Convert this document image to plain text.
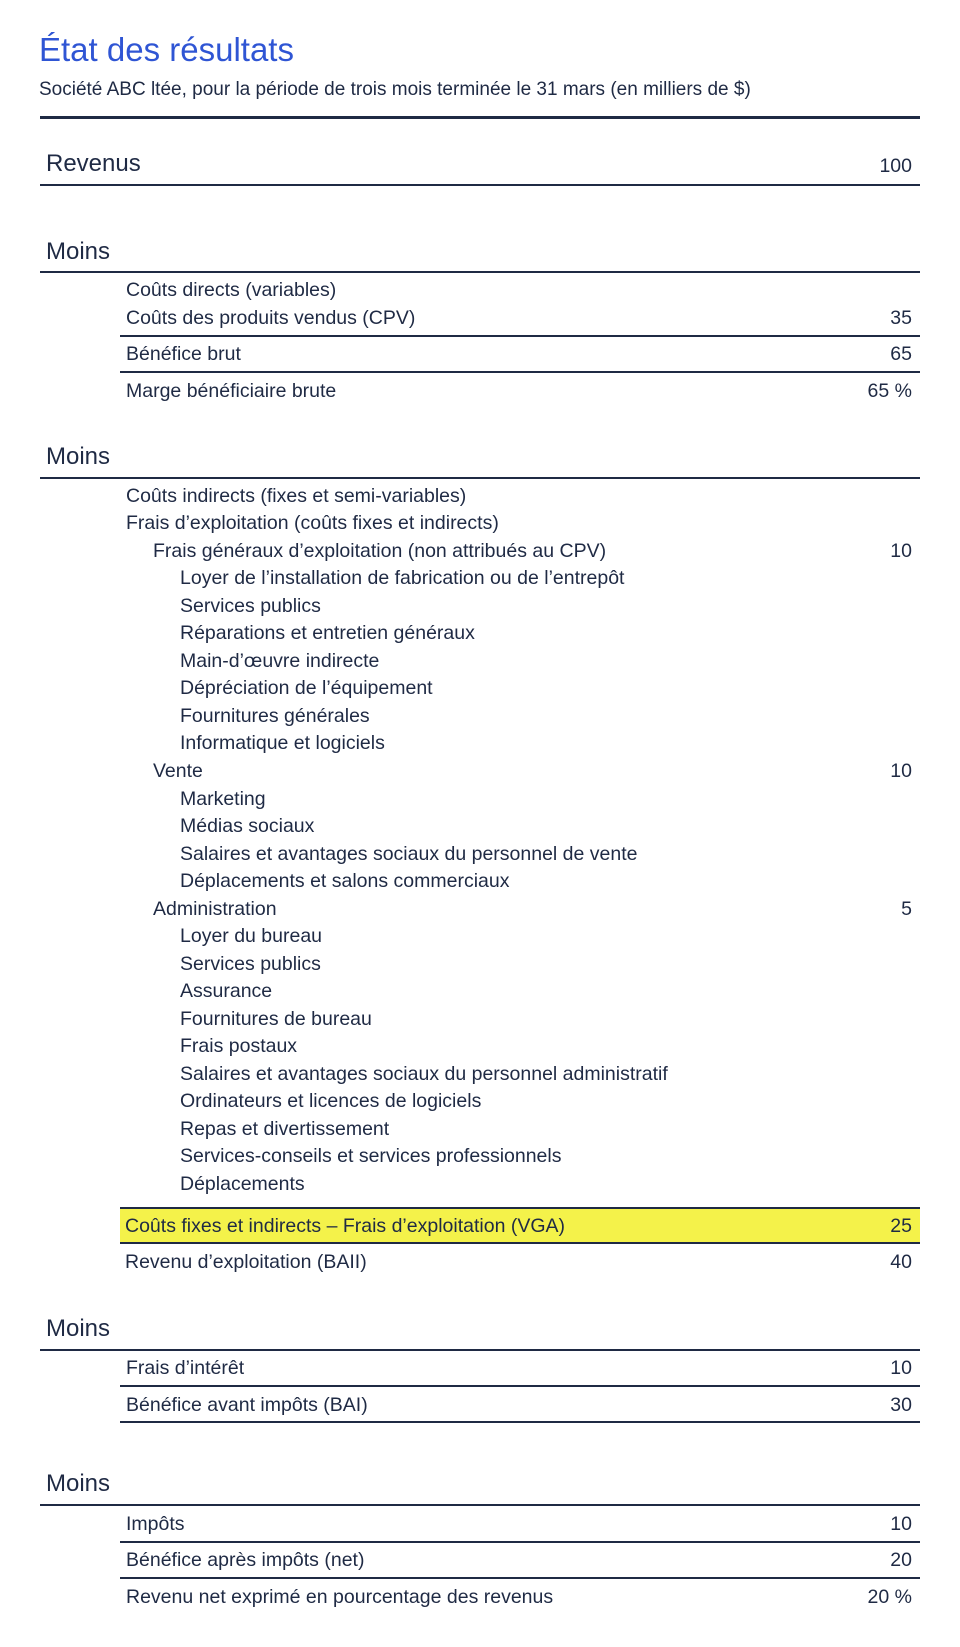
État des résultats
Société ABC ltée, pour la période de trois mois terminée le 31 mars (en milliers de $)
Revenus	100
Moins
Coûts directs (variables)
Coûts des produits vendus (CPV)	35
Bénéfice brut	65
Marge bénéficiaire brute	65 %
Moins
Coûts indirects (fixes et semi-variables)
Frais d’exploitation (coûts fixes et indirects)
Frais généraux d’exploitation (non attribués au CPV)	10
Loyer de l’installation de fabrication ou de l’entrepôt
Services publics
Réparations et entretien généraux
Main-d’œuvre indirecte
Dépréciation de l’équipement
Fournitures générales
Informatique et logiciels
Vente	10
Marketing
Médias sociaux
Salaires et avantages sociaux du personnel de vente
Déplacements et salons commerciaux
Administration	5
Loyer du bureau
Services publics
Assurance
Fournitures de bureau
Frais postaux
Salaires et avantages sociaux du personnel administratif
Ordinateurs et licences de logiciels
Repas et divertissement
Services-conseils et services professionnels
Déplacements
Coûts fixes et indirects – Frais d’exploitation (VGA)	25
Revenu d’exploitation (BAII)	40
Moins
Frais d’intérêt	10
Bénéfice avant impôts (BAI)	30
Moins
Impôts	10
Bénéfice après impôts (net)	20
Revenu net exprimé en pourcentage des revenus	20 %
